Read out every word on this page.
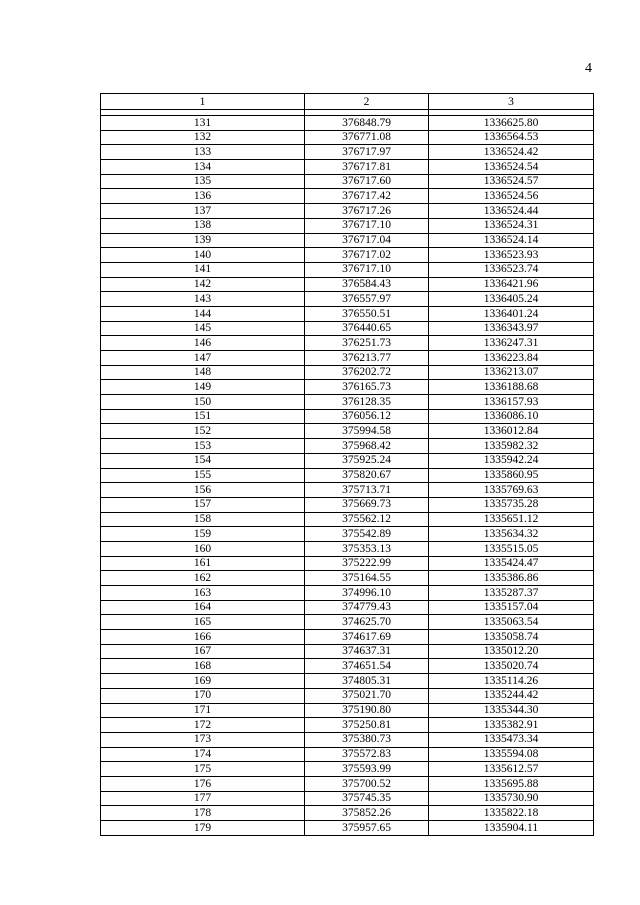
4
1	2	3

131	376848.79	1336625.80
132	376771.08	1336564.53
133	376717.97	1336524.42
134	376717.81	1336524.54
135	376717.60	1336524.57
136	376717.42	1336524.56
137	376717.26	1336524.44
138	376717.10	1336524.31
139	376717.04	1336524.14
140	376717.02	1336523.93
141	376717.10	1336523.74
142	376584.43	1336421.96
143	376557.97	1336405.24
144	376550.51	1336401.24
145	376440.65	1336343.97
146	376251.73	1336247.31
147	376213.77	1336223.84
148	376202.72	1336213.07
149	376165.73	1336188.68
150	376128.35	1336157.93
151	376056.12	1336086.10
152	375994.58	1336012.84
153	375968.42	1335982.32
154	375925.24	1335942.24
155	375820.67	1335860.95
156	375713.71	1335769.63
157	375669.73	1335735.28
158	375562.12	1335651.12
159	375542.89	1335634.32
160	375353.13	1335515.05
161	375222.99	1335424.47
162	375164.55	1335386.86
163	374996.10	1335287.37
164	374779.43	1335157.04
165	374625.70	1335063.54
166	374617.69	1335058.74
167	374637.31	1335012.20
168	374651.54	1335020.74
169	374805.31	1335114.26
170	375021.70	1335244.42
171	375190.80	1335344.30
172	375250.81	1335382.91
173	375380.73	1335473.34
174	375572.83	1335594.08
175	375593.99	1335612.57
176	375700.52	1335695.88
177	375745.35	1335730.90
178	375852.26	1335822.18
179	375957.65	1335904.11
